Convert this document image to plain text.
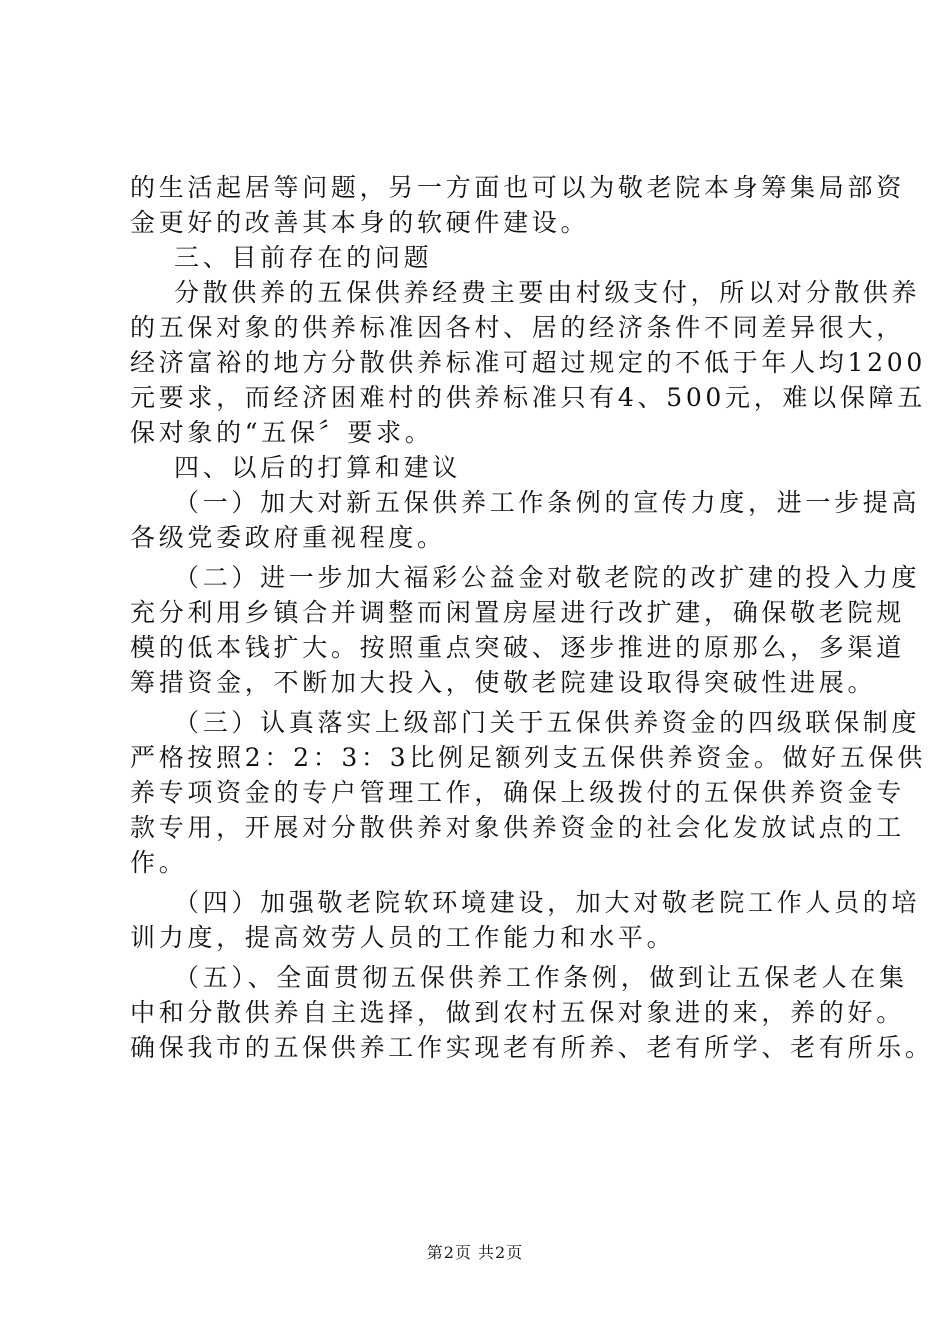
的生活起居等问题，另一方面也可以为敬老院本身筹集局部资
金更好的改善其本身的软硬件建设。
三、目前存在的问题
分散供养的五保供养经费主要由村级支付，所以对分散供养
的五保对象的供养标准因各村、居的经济条件不同差异很大，
经济富裕的地方分散供养标准可超过规定的不低于年人均1200
元要求，而经济困难村的供养标准只有4、500元，难以保障五
保对象的“五保〞要求。
四、以后的打算和建议
（一）加大对新五保供养工作条例的宣传力度，进一步提高
各级党委政府重视程度。
（二）进一步加大福彩公益金对敬老院的改扩建的投入力度
充分利用乡镇合并调整而闲置房屋进行改扩建，确保敬老院规
模的低本钱扩大。按照重点突破、逐步推进的原那么，多渠道
筹措资金，不断加大投入，使敬老院建设取得突破性进展。
（三）认真落实上级部门关于五保供养资金的四级联保制度
严格按照2：2：3：3比例足额列支五保供养资金。做好五保供
养专项资金的专户管理工作，确保上级拨付的五保供养资金专
款专用，开展对分散供养对象供养资金的社会化发放试点的工
作。
（四）加强敬老院软环境建设，加大对敬老院工作人员的培
训力度，提高效劳人员的工作能力和水平。
（五）、全面贯彻五保供养工作条例，做到让五保老人在集
中和分散供养自主选择，做到农村五保对象进的来，养的好。
确保我市的五保供养工作实现老有所养、老有所学、老有所乐。
第2页 共2页
